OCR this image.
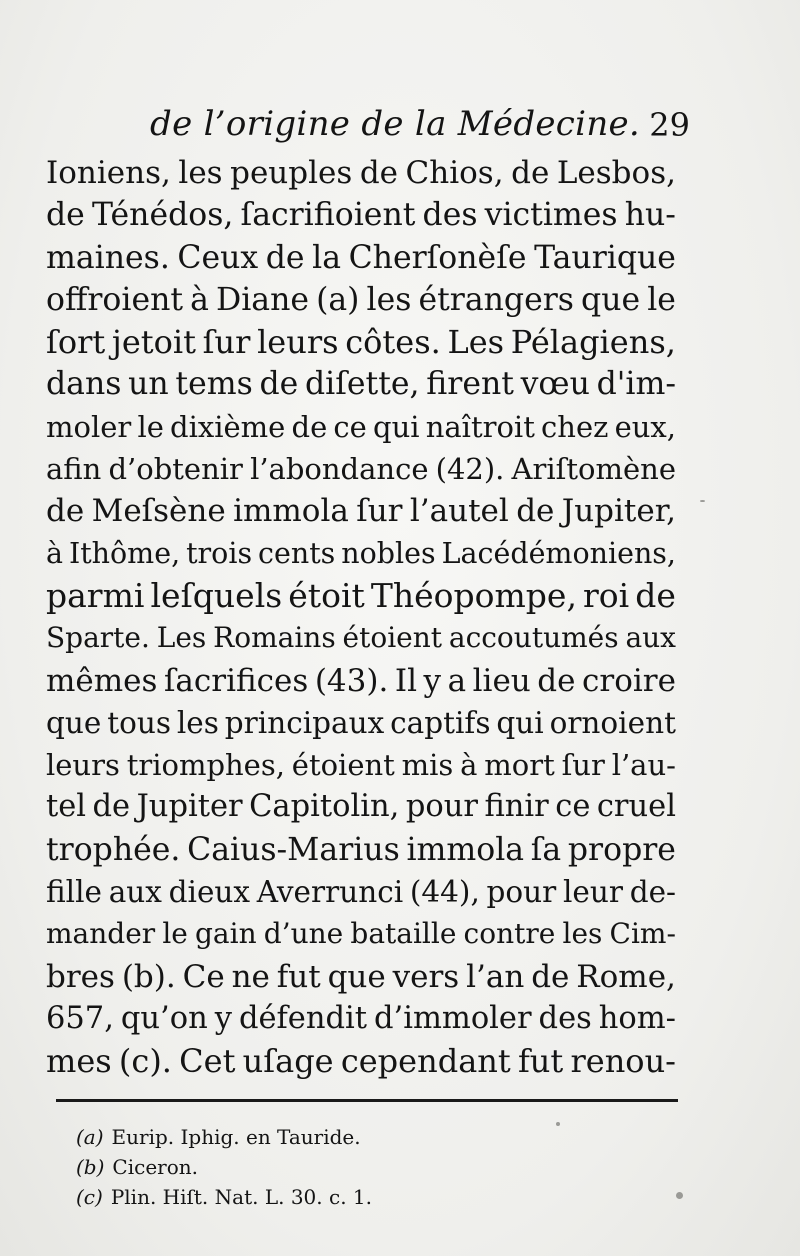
de l’origine de la Médecine. 29
Ioniens, les peuples de Chios, de Lesbos,
de Ténédos, ſacrifioient des victimes hu-
maines. Ceux de la Cherſonèſe Taurique
offroient à Diane (a) les étrangers que le
ſort jetoit ſur leurs côtes. Les Pélagiens,
dans un tems de diſette, firent vœu d'im-
moler le dixième de ce qui naîtroit chez eux,
afin d’obtenir l’abondance (42). Ariſtomène
de Meſsène immola ſur l’autel de Jupiter,
à Ithôme, trois cents nobles Lacédémoniens,
parmi leſquels étoit Théopompe, roi de
Sparte. Les Romains étoient accoutumés aux
mêmes ſacrifices (43). Il y a lieu de croire
que tous les principaux captifs qui ornoient
leurs triomphes, étoient mis à mort ſur l’au-
tel de Jupiter Capitolin, pour finir ce cruel
trophée. Caius-Marius immola ſa propre
fille aux dieux Averrunci (44), pour leur de-
mander le gain d’une bataille contre les Cim-
bres (b). Ce ne fut que vers l’an de Rome,
657, qu’on y défendit d’immoler des hom-
mes (c). Cet uſage cependant fut renou-
(a) Eurip. Iphig. en Tauride.
(b) Ciceron.
(c) Plin. Hiſt. Nat. L. 30. c. 1.
